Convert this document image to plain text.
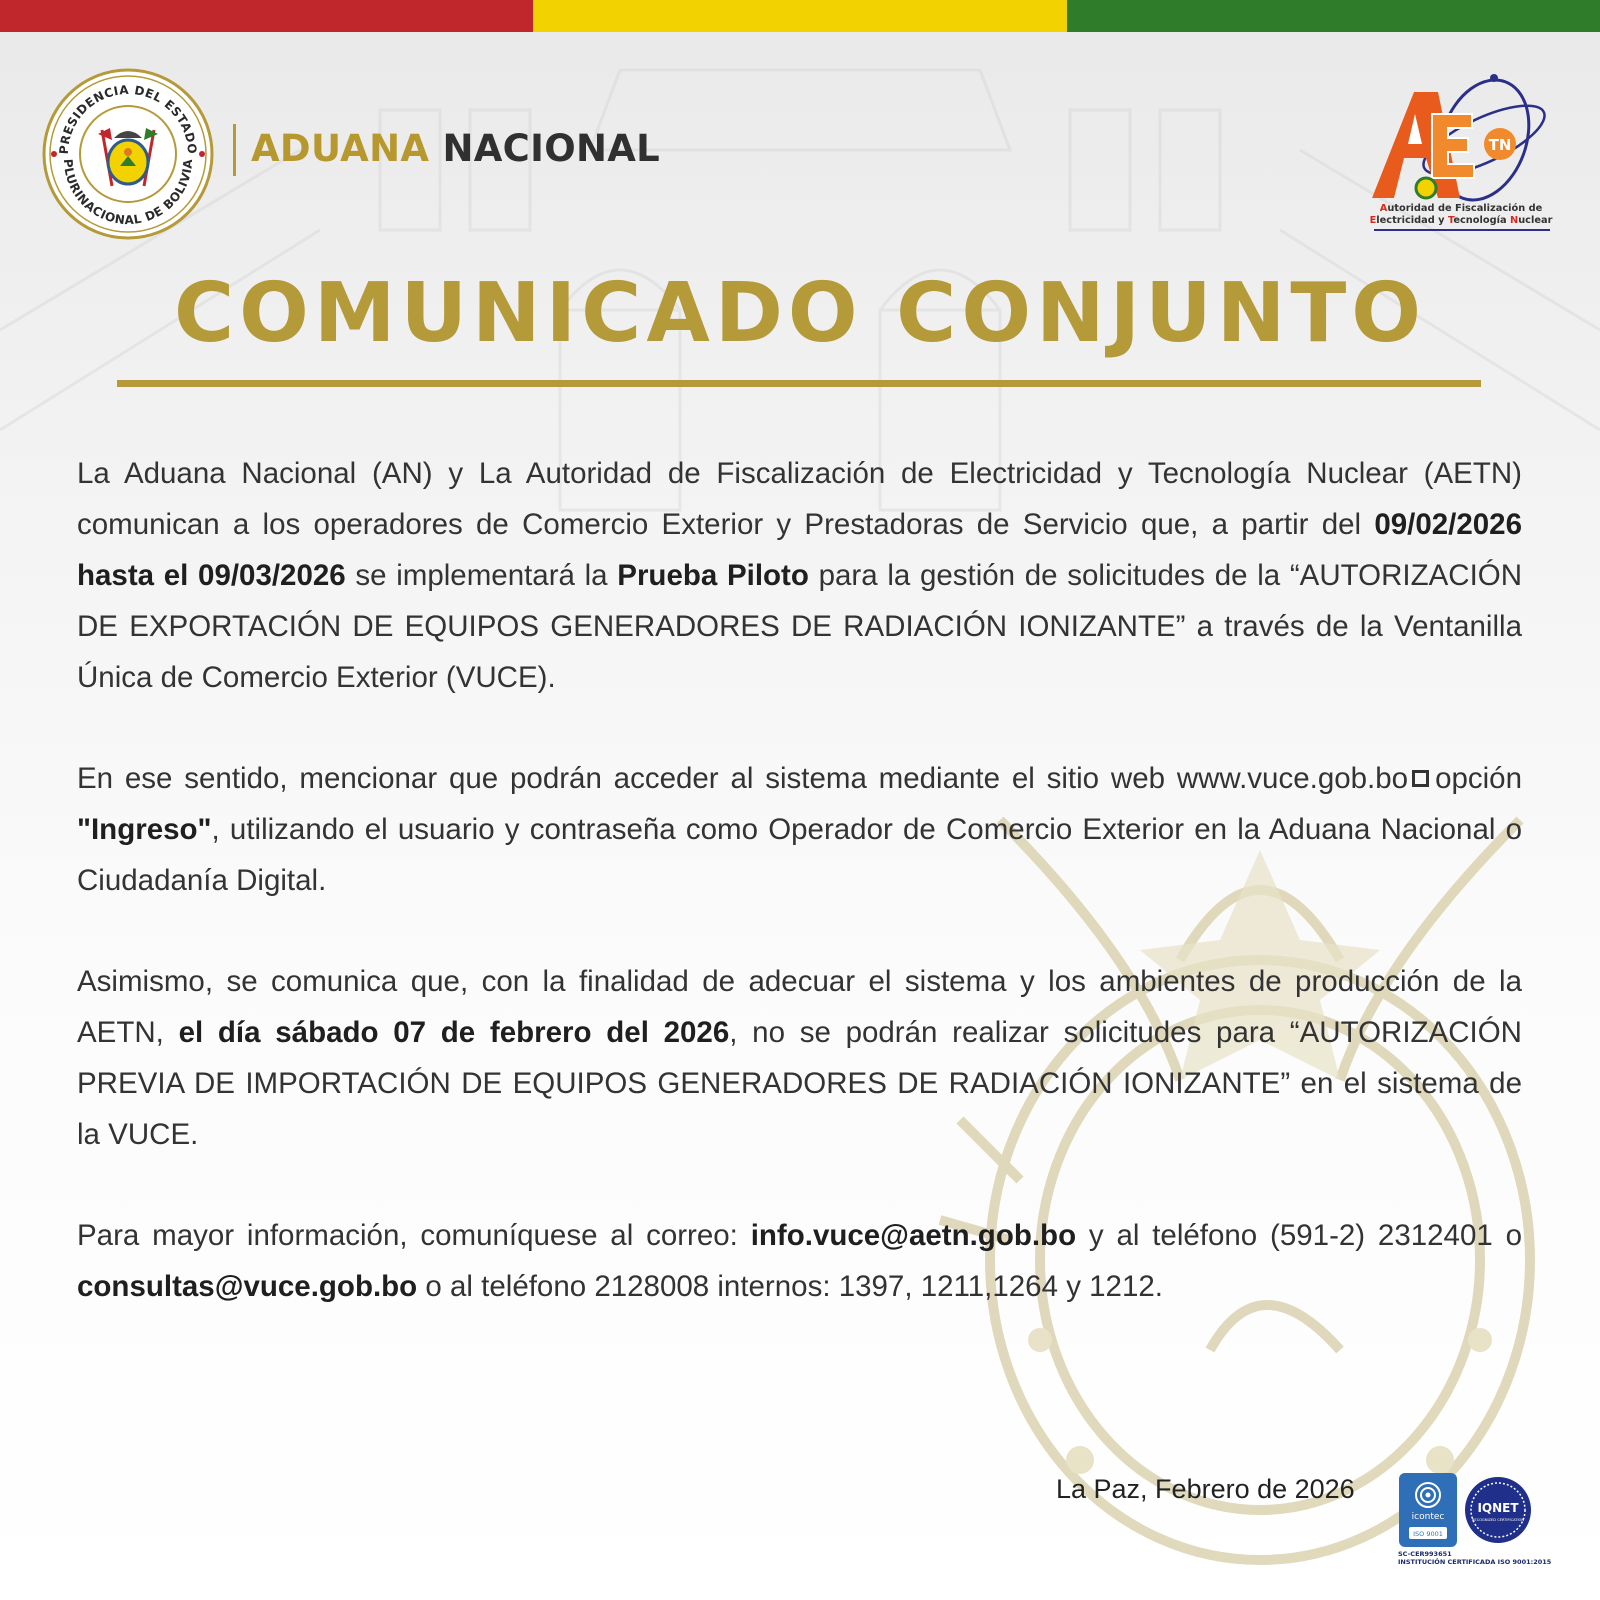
PRESIDENCIA DEL ESTADO
PLURINACIONAL DE BOLIVIA ADUANA NACIONAL	TN
Autoridad de Fiscalización de
Electricidad y Tecnología Nuclear
COMUNICADO CONJUNTO

La Aduana Nacional (AN) y La Autoridad de Fiscalización de Electricidad y Tecnología Nuclear (AETN) comunican a los operadores de Comercio Exterior y Prestadoras de Servicio que, a partir del 09/02/2026 hasta el 09/03/2026 se implementará la Prueba Piloto para la gestión de solicitudes de la “AUTORIZACIÓN DE EXPORTACIÓN DE EQUIPOS GENERADORES DE RADIACIÓN IONIZANTE” a través de la Ventanilla Única de Comercio Exterior (VUCE).

En ese sentido, mencionar que podrán acceder al sistema mediante el sitio web www.vuce.gob.bo opción "Ingreso", utilizando el usuario y contraseña como Operador de Comercio Exterior en la Aduana Nacional o Ciudadanía Digital.

Asimismo, se comunica que, con la finalidad de adecuar el sistema y los ambientes de producción de la AETN, el día sábado 07 de febrero del 2026, no se podrán realizar solicitudes para “AUTORIZACIÓN PREVIA DE IMPORTACIÓN DE EQUIPOS GENERADORES DE RADIACIÓN IONIZANTE” en el sistema de la VUCE.

Para mayor información, comuníquese al correo: info.vuce@aetn.gob.bo y al teléfono (591-2) 2312401 o consultas@vuce.gob.bo o al teléfono 2128008 internos: 1397, 1211,1264 y 1212.

La Paz, Febrero de 2026
icontec
ISO 9001
IQNET
RECOGNIZED CERTIFICATION
SC-CER993651
INSTITUCIÓN CERTIFICADA ISO 9001:2015
